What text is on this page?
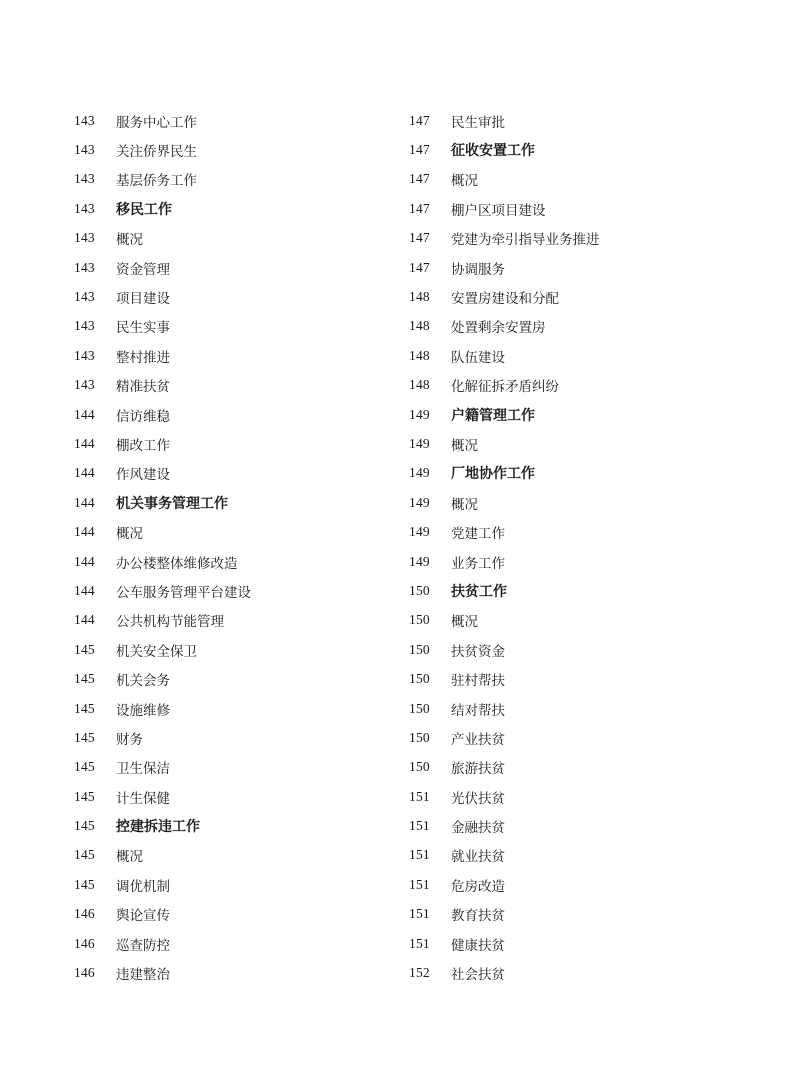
143	服务中心工作
143	关注侨界民生
143	基层侨务工作
143	移民工作
143	概况
143	资金管理
143	项目建设
143	民生实事
143	整村推进
143	精准扶贫
144	信访维稳
144	棚改工作
144	作风建设
144	机关事务管理工作
144	概况
144	办公楼整体维修改造
144	公车服务管理平台建设
144	公共机构节能管理
145	机关安全保卫
145	机关会务
145	设施维修
145	财务
145	卫生保洁
145	计生保健
145	控建拆违工作
145	概况
145	调优机制
146	舆论宣传
146	巡查防控
146	违建整治
147	民生审批
147	征收安置工作
147	概况
147	棚户区项目建设
147	党建为牵引指导业务推进
147	协调服务
148	安置房建设和分配
148	处置剩余安置房
148	队伍建设
148	化解征拆矛盾纠纷
149	户籍管理工作
149	概况
149	厂地协作工作
149	概况
149	党建工作
149	业务工作
150	扶贫工作
150	概况
150	扶贫资金
150	驻村帮扶
150	结对帮扶
150	产业扶贫
150	旅游扶贫
151	光伏扶贫
151	金融扶贫
151	就业扶贫
151	危房改造
151	教育扶贫
151	健康扶贫
152	社会扶贫
